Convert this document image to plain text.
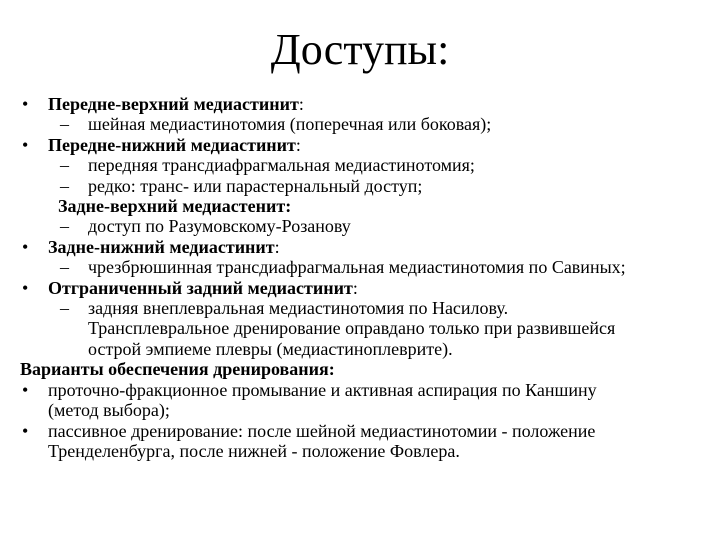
Доступы:
• Передне-верхний медиастинит:
– шейная медиастинотомия (поперечная или боковая);
• Передне-нижний медиастинит:
– передняя трансдиафрагмальная медиастинотомия;
– редко: транс- или парастернальный доступ;
Задне-верхний медиастенит:
– доступ по Разумовскому-Розанову
• Задне-нижний медиастинит:
– чрезбрюшинная трансдиафрагмальная медиастинотомия по Савиных;
• Отграниченный задний медиастинит:
– задняя внеплевральная медиастинотомия по Насилову.
Трансплевральное дренирование оправдано только при развившейся
острой эмпиеме плевры (медиастиноплеврите).
Варианты обеспечения дренирования:
• проточно-фракционное промывание и активная аспирация по Каншину
(метод выбора);
• пассивное дренирование: после шейной медиастинотомии - положение
Тренделенбурга, после нижней - положение Фовлера.
